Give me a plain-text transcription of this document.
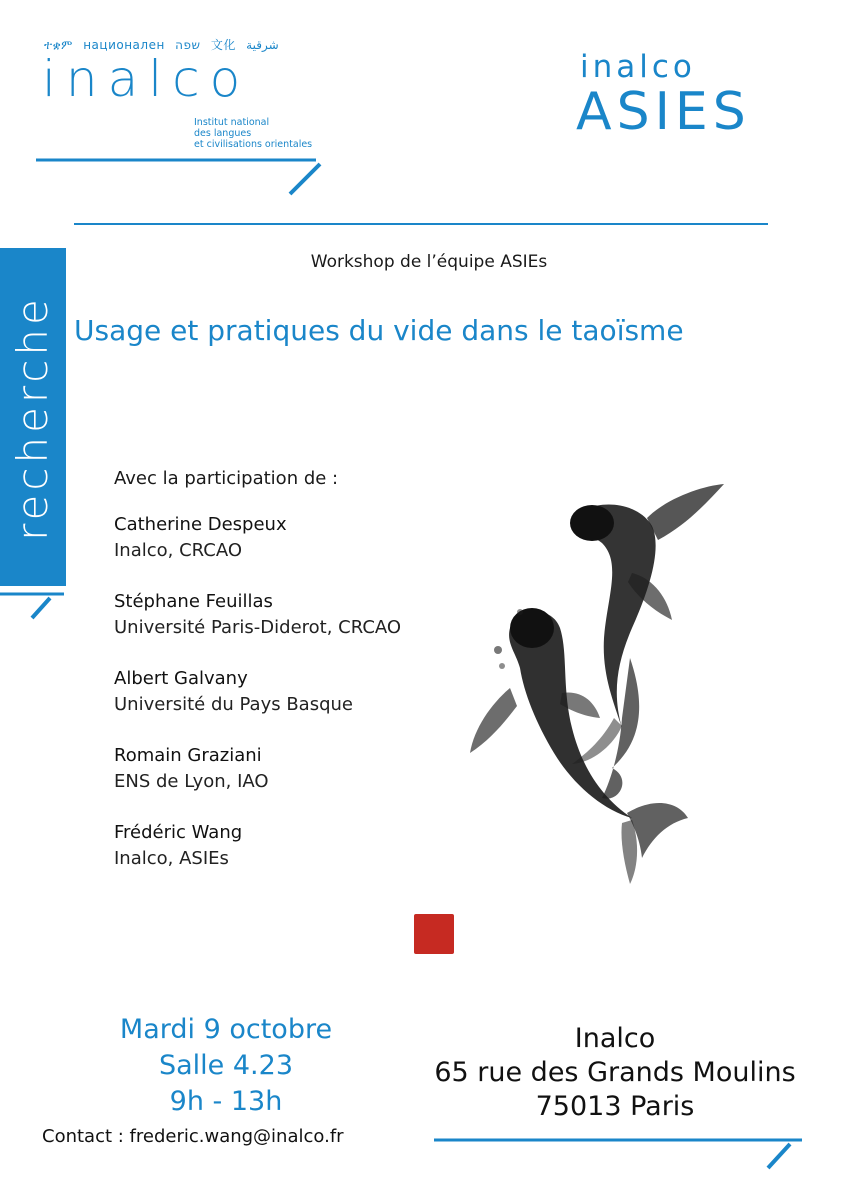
ተቋም национален שפה 文化 شرقية
inalco
Institut national
des langues
et civilisations orientales
inalco
ASIES
recherche
Workshop de l’équipe ASIEs
Usage et pratiques du vide dans le taoïsme
Avec la participation de :
Catherine Despeux
Inalco, CRCAO
Stéphane Feuillas
Université Paris-Diderot, CRCAO
Albert Galvany
Université du Pays Basque
Romain Graziani
ENS de Lyon, IAO
Frédéric Wang
Inalco, ASIEs
Mardi 9 octobre
Salle 4.23
9h - 13h
Inalco
65 rue des Grands Moulins
75013 Paris
Contact : frederic.wang@inalco.fr
